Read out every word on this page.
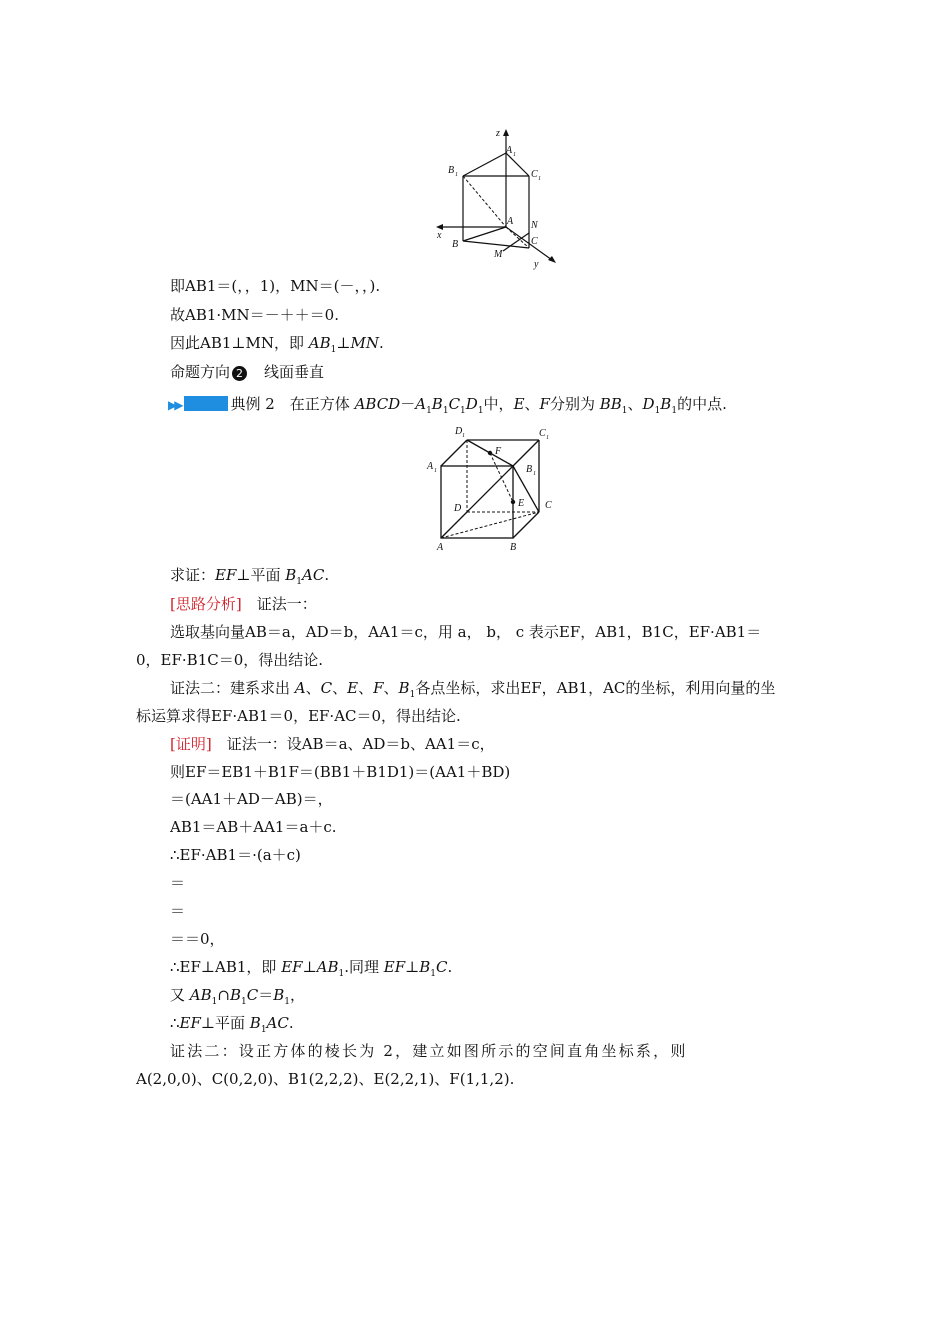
z
x
y
A 1
B 1	C 1
A N
C
B
M
即AB1＝(，，1)，MN＝(－，，).
故AB1·MN＝－＋＋＝0.
因此AB1⊥MN，即 $AB_1\perp MN$.
命题方向 2　线面垂直
▶▶	典例 2　在正方体 $ABCD-A_1B_1C_1D_1$中，E、F分别为 $BB_1$、$D_1B_1$的中点.
D 1	C 1
A 1
F
B 1
E C
D
A	B
求证：EF⊥平面 $B_1AC$.
[思路分析]　证法一：
选取基向量AB＝a，AD＝b，AA1＝c，用 a， b， c 表示EF，AB1，B1C，EF·AB1＝
0，EF·B1C＝0，得出结论.
证法二：建系求出 A、C、E、F、$B_1$各点坐标，求出EF，AB1，AC的坐标，利用向量的坐
标运算求得EF·AB1＝0，EF·AC＝0，得出结论.
[证明]　证法一：设AB＝a、AD＝b、AA1＝c，
则EF＝EB1＋B1F＝(BB1＋B1D1)＝(AA1＋BD)
＝(AA1＋AD－AB)＝，
AB1＝AB＋AA1＝a＋c.
∴EF·AB1＝·(a＋c)
＝
＝
＝＝0，
∴EF⊥AB1，即 $EF\perp AB_1$.同理 $EF\perp B_1C$.
又 $AB_1\cap B_1C=B_1$，
∴EF⊥平面 $B_1AC$.
证法二：设正方体的棱长为 2，建立如图所示的空间直角坐标系，则
A(2,0,0)、C(0,2,0)、B1(2,2,2)、E(2,2,1)、F(1,1,2).
